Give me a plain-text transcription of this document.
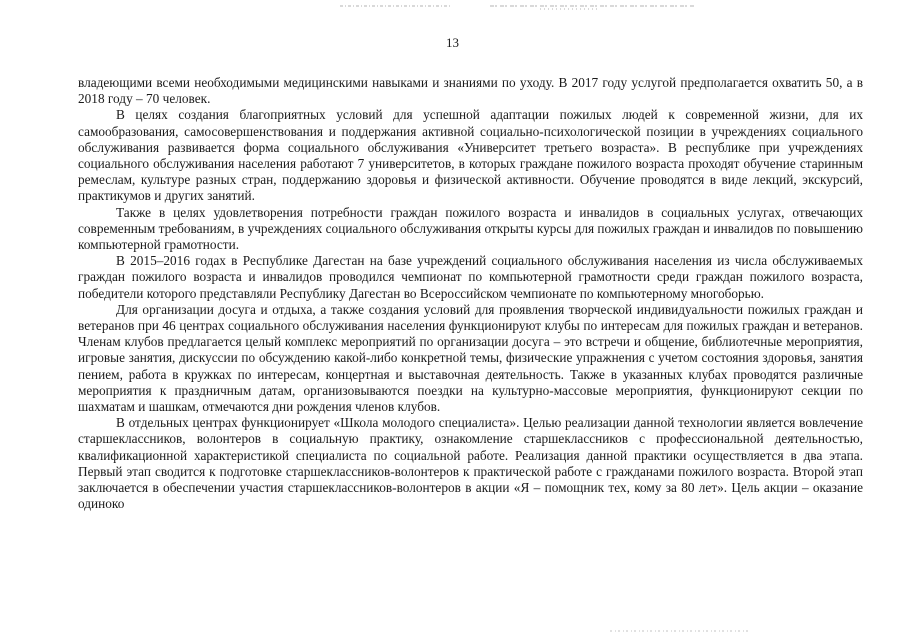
13

владеющими всеми необходимыми медицинскими навыками и знаниями по уходу. В 2017 году услугой предполагается охватить 50, а в 2018 году – 70 человек.

В целях создания благоприятных условий для успешной адаптации пожилых людей к современной жизни, для их самообразования, самосовершенствования и поддержания активной социально-психологической позиции в учреждениях социального обслуживания развивается форма социального обслуживания «Университет третьего возраста». В республике при учреждениях социального обслуживания населения работают 7 университетов, в которых граждане пожилого возраста проходят обучение старинным ремеслам, культуре разных стран, поддержанию здоровья и физической активности. Обучение проводятся в виде лекций, экскурсий, практикумов и других занятий.

Также в целях удовлетворения потребности граждан пожилого возраста и инвалидов в социальных услугах, отвечающих современным требованиям, в учреждениях социального обслуживания открыты курсы для пожилых граждан и инвалидов по повышению компьютерной грамотности.

В 2015–2016 годах в Республике Дагестан на базе учреждений социального обслуживания населения из числа обслуживаемых граждан пожилого возраста и инвалидов проводился чемпионат по компьютерной грамотности среди граждан пожилого возраста, победители которого представляли Республику Дагестан во Всероссийском чемпионате по компьютерному многоборью.

Для организации досуга и отдыха, а также создания условий для проявления творческой индивидуальности пожилых граждан и ветеранов при 46 центрах социального обслуживания населения функционируют клубы по интересам для пожилых граждан и ветеранов. Членам клубов предлагается целый комплекс мероприятий по организации досуга – это встречи и общение, библиотечные мероприятия, игровые занятия, дискуссии по обсуждению какой-либо конкретной темы, физические упражнения с учетом состояния здоровья, занятия пением, работа в кружках по интересам, концертная и выставочная деятельность. Также в указанных клубах проводятся различные мероприятия к праздничным датам, организовываются поездки на культурно-массовые мероприятия, функционируют секции по шахматам и шашкам, отмечаются дни рождения членов клубов.

В отдельных центрах функционирует «Школа молодого специалиста». Целью реализации данной технологии является вовлечение старшеклассников, волонтеров в социальную практику, ознакомление старшеклассников с профессиональной деятельностью, квалификационной характеристикой специалиста по социальной работе. Реализация данной практики осуществляется в два этапа. Первый этап сводится к подготовке старшеклассников-волонтеров к практической работе с гражданами пожилого возраста. Второй этап заключается в обеспечении участия старшеклассников-волонтеров в акции «Я – помощник тех, кому за 80 лет». Цель акции – оказание одиноко
